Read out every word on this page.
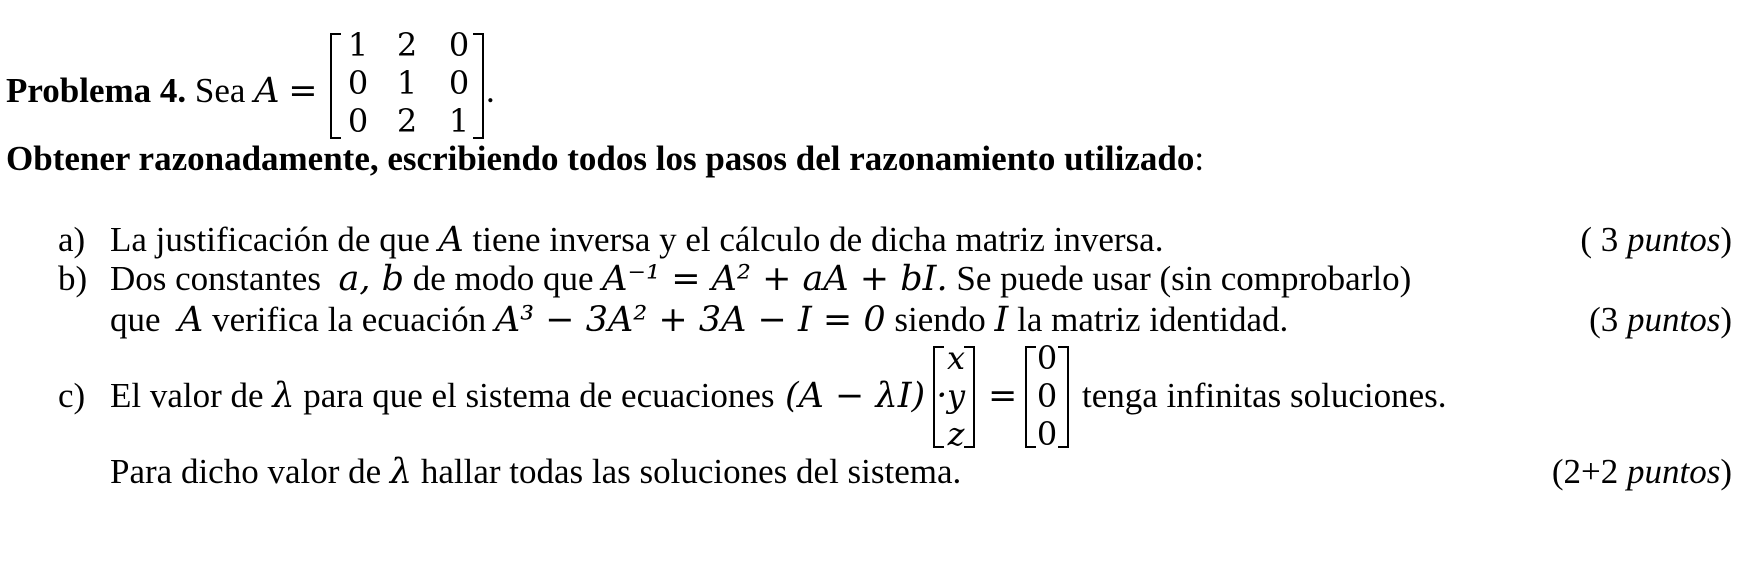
Problema 4. Sea A =
1 2 0
0 1 0
0 2 1
.
Obtener razonadamente, escribiendo todos los pasos del razonamiento utilizado:
a) La justificación de que A tiene inversa y el cálculo de dicha matriz inversa.	( 3 puntos)
b) Dos constantes a, b de modo que A⁻¹ = A² + aA + bI. Se puede usar (sin comprobarlo)
que A verifica la ecuación A³ − 3A² + 3A − I = 0 siendo I la matriz identidad.	(3 puntos)
c) El valor de λ para que el sistema de ecuaciones (A − λI) ·
x
y
z
=
0
0
0
tenga infinitas soluciones.
Para dicho valor de λ hallar todas las soluciones del sistema.	(2+2 puntos)
